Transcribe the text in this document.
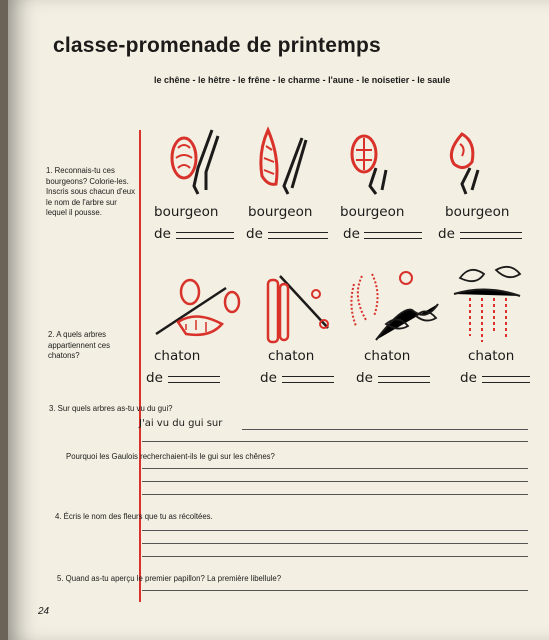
classe-promenade de printemps
le chêne - le hêtre - le frêne - le charme - l'aune - le noisetier - le saule
1. Reconnais-tu ces bourgeons? Colorie-les. Inscris sous chacun d'eux le nom de l'arbre sur lequel il pousse.	bourgeon bourgeon bourgeon	bourgeon
de	de	de	de
2. A quels arbres appartiennent ces chatons?	chaton	chaton	chaton	chaton
de	de	de	de
3. Sur quels arbres as-tu vu du gui?
J'ai vu du gui sur
Pourquoi les Gaulois recherchaient-ils le gui sur les chênes?
4. Écris le nom des fleurs que tu as récoltées.
5. Quand as-tu aperçu le premier papillon? La première libellule?
24
